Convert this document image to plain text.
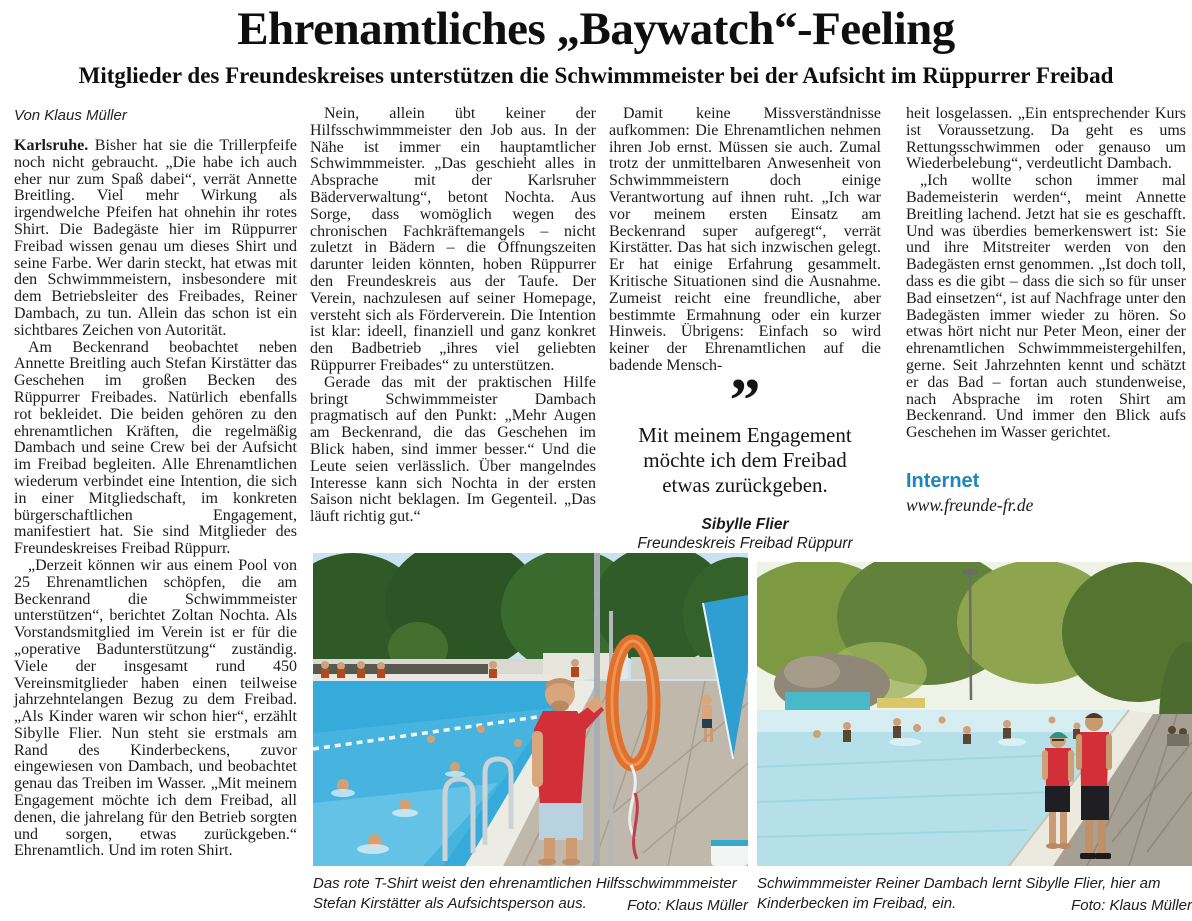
Ehrenamtliches „Baywatch“-Feeling
Mitglieder des Freundeskreises unterstützen die Schwimmmeister bei der Aufsicht im Rüppurrer Freibad

Von Klaus Müller

Karlsruhe. Bisher hat sie die Trillerpfeife noch nicht gebraucht. „Die habe ich auch eher nur zum Spaß dabei“, verrät Annette Breitling. Viel mehr Wirkung als irgendwelche Pfeifen hat ohnehin ihr rotes Shirt. Die Badegäste hier im Rüppurrer Freibad wissen genau um dieses Shirt und seine Farbe. Wer darin steckt, hat etwas mit den Schwimmmeistern, insbesondere mit dem Betriebsleiter des Freibades, Reiner Dambach, zu tun. Allein das schon ist ein sichtbares Zeichen von Autorität.

Am Beckenrand beobachtet neben Annette Breitling auch Stefan Kirstätter das Geschehen im großen Becken des Rüppurrer Freibades. Natürlich ebenfalls rot bekleidet. Die beiden gehören zu den ehrenamtlichen Kräften, die regelmäßig Dambach und seine Crew bei der Aufsicht im Freibad begleiten. Alle Ehrenamtlichen wiederum verbindet eine Intention, die sich in einer Mitgliedschaft, im konkreten bürgerschaftlichen Engagement, manifestiert hat. Sie sind Mitglieder des Freundeskreises Freibad Rüppurr.

„Derzeit können wir aus einem Pool von 25 Ehrenamtlichen schöpfen, die am Beckenrand die Schwimmmeister unterstützen“, berichtet Zoltan Nochta. Als Vorstandsmitglied im Verein ist er für die „operative Badunterstützung“ zuständig. Viele der insgesamt rund 450 Vereinsmitglieder haben einen teilweise jahrzehntelangen Bezug zu dem Freibad. „Als Kinder waren wir schon hier“, erzählt Sibylle Flier. Nun steht sie erstmals am Rand des Kinderbeckens, zuvor eingewiesen von Dambach, und beobachtet genau das Treiben im Wasser. „Mit meinem Engagement möchte ich dem Freibad, all denen, die jahrelang für den Betrieb sorgten und sorgen, etwas zurückgeben.“ Ehrenamtlich. Und im roten Shirt.

Nein, allein übt keiner der Hilfsschwimmmeister den Job aus. In der Nähe ist immer ein hauptamtlicher Schwimmmeister. „Das geschieht alles in Absprache mit der Karlsruher Bäderverwaltung“, betont Nochta. Aus Sorge, dass womöglich wegen des chronischen Fachkräftemangels – nicht zuletzt in Bädern – die Öffnungszeiten darunter leiden könnten, hoben Rüppurrer den Freundeskreis aus der Taufe. Der Verein, nachzulesen auf seiner Homepage, versteht sich als Förderverein. Die Intention ist klar: ideell, finanziell und ganz konkret den Badbetrieb „ihres viel geliebten Rüppurrer Freibades“ zu unterstützen.

Gerade das mit der praktischen Hilfe bringt Schwimmmeister Dambach pragmatisch auf den Punkt: „Mehr Augen am Beckenrand, die das Geschehen im Blick haben, sind immer besser.“ Und die Leute seien verlässlich. Über mangelndes Interesse kann sich Nochta in der ersten Saison nicht beklagen. Im Gegenteil. „Das läuft richtig gut.“

Damit keine Missverständnisse aufkommen: Die Ehrenamtlichen nehmen ihren Job ernst. Müssen sie auch. Zumal trotz der unmittelbaren Anwesenheit von Schwimmmeistern doch einige Verantwortung auf ihnen ruht. „Ich war vor meinem ersten Einsatz am Beckenrand super aufgeregt“, verrät Kirstätter. Das hat sich inzwischen gelegt. Er hat einige Erfahrung gesammelt. Kritische Situationen sind die Ausnahme. Zumeist reicht eine freundliche, aber bestimmte Ermahnung oder ein kurzer Hinweis. Übrigens: Einfach so wird keiner der Ehrenamtlichen auf die badende Mensch-

”
Mit meinem Engagement möchte ich dem Freibad etwas zurückgeben.
Sibylle Flier
Freundeskreis Freibad Rüppurr

heit losgelassen. „Ein entsprechender Kurs ist Voraussetzung. Da geht es ums Rettungsschwimmen oder genauso um Wiederbelebung“, verdeutlicht Dambach.

„Ich wollte schon immer mal Bademeisterin werden“, meint Annette Breitling lachend. Jetzt hat sie es geschafft. Und was überdies bemerkenswert ist: Sie und ihre Mitstreiter werden von den Badegästen ernst genommen. „Ist doch toll, dass es die gibt – dass die sich so für unser Bad einsetzen“, ist auf Nachfrage unter den Badegästen immer wieder zu hören. So etwas hört nicht nur Peter Meon, einer der ehrenamtlichen Schwimmmeistergehilfen, gerne. Seit Jahrzehnten kennt und schätzt er das Bad – fortan auch stundenweise, nach Absprache im roten Shirt am Beckenrand. Und immer den Blick aufs Geschehen im Wasser gerichtet.

Internet
www.freunde-fr.de
Das rote T-Shirt weist den ehrenamtlichen Hilfsschwimmmeister Stefan Kirstätter als Aufsichtsperson aus.	Foto: Klaus Müller
Schwimmmeister Reiner Dambach lernt Sibylle Flier, hier am Kinderbecken im Freibad, ein.	Foto: Klaus Müller
